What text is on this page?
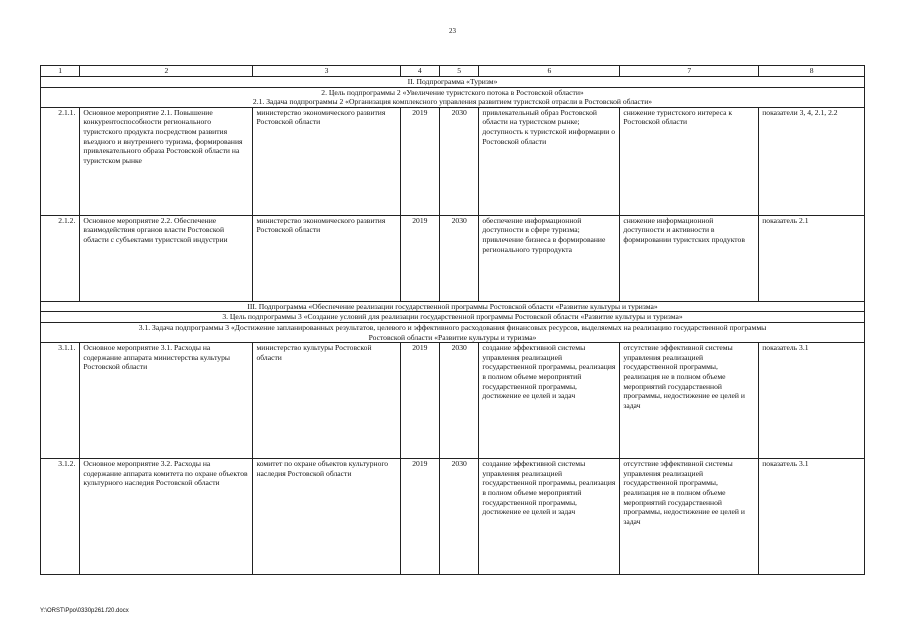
23
1	2	3	4	5	6	7	8
II. Подпрограмма «Туризм»							
2. Цель подпрограммы 2 «Увеличение туристского потока в Ростовской области»							
2.1. Задача подпрограммы 2 «Организация комплексного управления развитием туристской отрасли в Ростовской области»							
2.1.1.	Основное мероприятие 2.1. Повышение конкурентоспособности регионального туристского продукта посредством развития въездного и внутреннего туризма, формирования привлекательного образа Ростовской области на туристском рынке	министерство экономического развития Ростовской области	2019	2030	привлекательный образ Ростовской области на туристском рынке; доступность к туристской информации о Ростовской области	снижение туристского интереса к Ростовской области	показатели 3, 4, 2.1, 2.2
2.1.2.	Основное мероприятие 2.2. Обеспечение взаимодействия органов власти Ростовской области с субъектами туристской индустрии	министерство экономического развития Ростовской области	2019	2030	обеспечение информационной доступности в сфере туризма; привлечение бизнеса в формирование регионального турпродукта	снижение информационной доступности и активности в формировании туристских продуктов	показатель 2.1
III. Подпрограмма «Обеспечение реализации государственной программы Ростовской области «Развитие культуры и туризма»							
3. Цель подпрограммы 3 «Создание условий для реализации государственной программы Ростовской области «Развитие культуры и туризма»							
3.1. Задача подпрограммы 3 «Достижение запланированных результатов, целевого и эффективного расходования финансовых ресурсов, выделяемых на реализацию государственной программы Ростовской области «Развитие культуры и туризма»							
3.1.1.	Основное мероприятие 3.1. Расходы на содержание аппарата министерства культуры Ростовской области	министерство культуры Ростовской области	2019	2030	создание эффективной системы управления реализацией государственной программы, реализация в полном объеме мероприятий государственной программы, достижение ее целей и задач	отсутствие эффективной системы управления реализацией государственной программы, реализация не в полном объеме мероприятий государственной программы, недостижение ее целей и задач	показатель 3.1
3.1.2.	Основное мероприятие 3.2. Расходы на содержание аппарата комитета по охране объектов культурного наследия Ростовской области	комитет по охране объектов культурного наследия Ростовской области	2019	2030	создание эффективной системы управления реализацией государственной программы, реализация в полном объеме мероприятий государственной программы, достижение ее целей и задач	отсутствие эффективной системы управления реализацией государственной программы, реализация не в полном объеме мероприятий государственной программы, недостижение ее целей и задач	показатель 3.1
Y:\ORST\Ppo\0330p261.f20.docx
